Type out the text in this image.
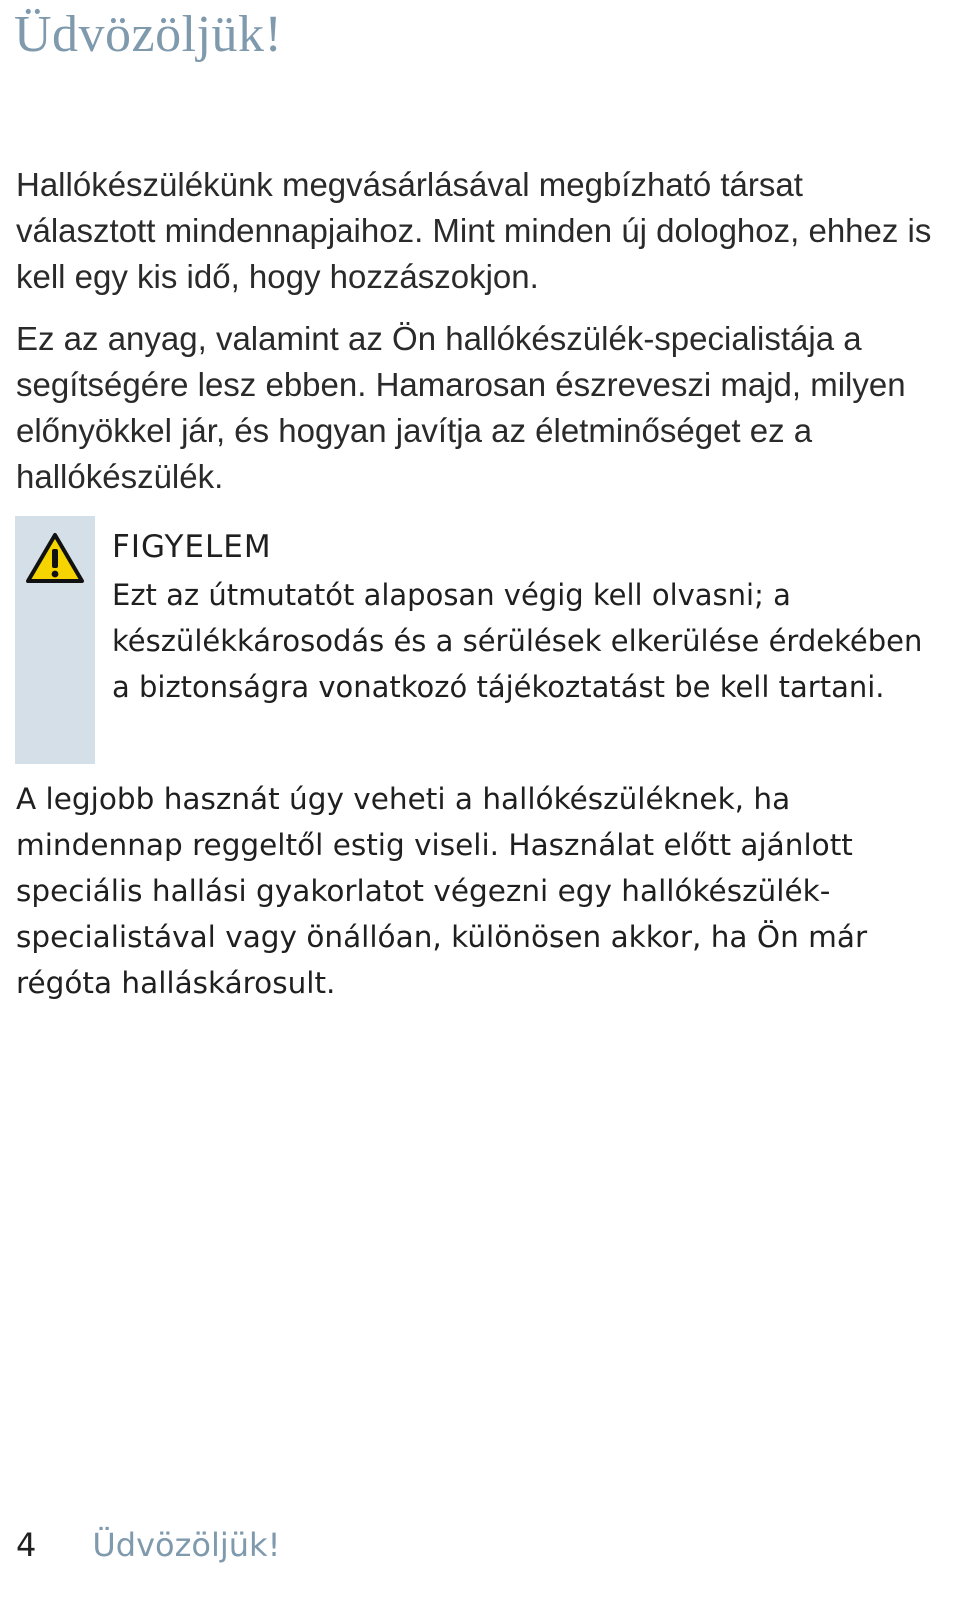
Üdvözöljük!

Hallókészülékünk megvásárlásával megbízható társat választott mindennapjaihoz. Mint minden új dologhoz, ehhez is kell egy kis idő, hogy hozzászokjon.

Ez az anyag, valamint az Ön hallókészülék-specialistája a segítségére lesz ebben. Hamarosan észreveszi majd, milyen előnyökkel jár, és hogyan javítja az életminőséget ez a hallókészülék.

FIGYELEM

Ezt az útmutatót alaposan végig kell olvasni; a készülékkárosodás és a sérülések elkerülése érdekében a biztonságra vonatkozó tájékoztatást be kell tartani.

A legjobb hasznát úgy veheti a hallókészüléknek, ha mindennap reggeltől estig viseli. Használat előtt ajánlott speciális hallási gyakorlatot végezni egy hallókészülék-specialistával vagy önállóan, különösen akkor, ha Ön már régóta halláskárosult.

4 Üdvözöljük!
